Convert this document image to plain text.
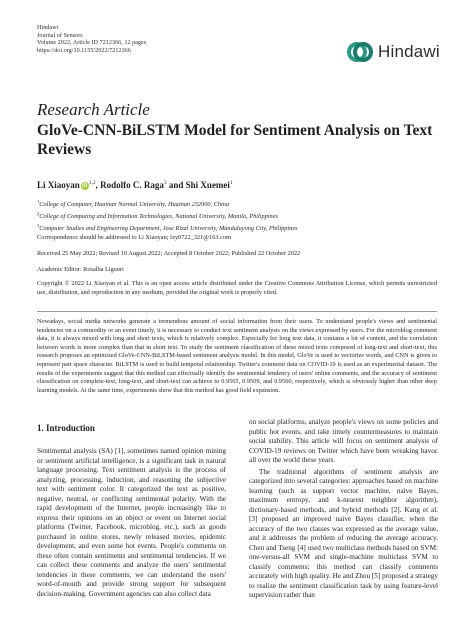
Hindawi
Journal of Sensors
Volume 2022, Article ID 7212366, 12 pages
https://doi.org/10.1155/2022/7212366	Hindawi
Research Article
GloVe-CNN-BiLSTM Model for Sentiment Analysis on Text Reviews
Li Xiaoyan iD $^{1,2}$, Rodolfo C. Raga$^3$ and Shi Xuemei$^1$
$^1$College of Computer, Huainan Normal University, Huainan 232000, China
$^2$College of Computing and Information Technologies, National University, Manila, Philippines
$^3$Computer Studies and Engineering Department, Jose Rizal University, Mandaluyong City, Philippines
Correspondence should be addressed to Li Xiaoyan; lxy0722_321@163.com
Received 25 May 2022; Revised 10 August 2022; Accepted 8 October 2022; Published 22 October 2022
Academic Editor: Rosalba Liguori
Copyright © 2022 Li Xiaoyan et al. This is an open access article distributed under the Creative Commons Attribution License, which permits unrestricted use, distribution, and reproduction in any medium, provided the original work is properly cited.
Nowadays, social media networks generate a tremendous amount of social information from their users. To understand people's views and sentimental tendencies on a commodity or an event timely, it is necessary to conduct text sentiment analysis on the views expressed by users. For the microblog comment data, it is always mixed with long and short texts, which is relatively complex. Especially for long text data, it contains a lot of content, and the correlation between words is more complex than that in short text. To study the sentiment classification of these mixed texts composed of long-text and short-text, this research proposes an optimized GloVe-CNN-BiLSTM-based sentiment analysis model. In this model, GloVe is used to vectorize words, and CNN is given to represent part space character. BiLSTM is used to build temporal relationship. Twitter's comment data on COVID-19 is used as an experimental dataset. The results of the experiments suggest that this method can effectually identify the sentimental tendency of users' online comments, and the accuracy of sentiment classification on complete-text, long-text, and short-text can achieve to 0.9565, 0.9509, and 0.9560, respectively, which is obviously higher than other deep learning models. At the same time, experiments show that this method has good field expansion.
1. Introduction

Sentimental analysis (SA) [1], sometimes named opinion mining or sentiment artificial intelligence, is a significant task in natural language processing. Text sentiment analysis is the process of analyzing, processing, induction, and reasoning the subjective text with sentiment color. It categorized the text as positive, negative, neutral, or conflicting sentimental polarity. With the rapid development of the Internet, people increasingly like to express their opinions on an object or event on Internet social platforms (Twitter, Facebook, microblog, etc.), such as goods purchased in online stores, newly released movies, epidemic development, and even some hot events. People's comments on these often contain sentiments and sentimental tendencies. If we can collect these comments and analyze the users' sentimental tendencies in these comments, we can understand the users' word-of-mouth and provide strong support for subsequent decision-making. Government agencies can also collect data

on social platforms, analyze people's views on some policies and public hot events, and take timely countermeasures to maintain social stability. This article will focus on sentiment analysis of COVID-19 reviews on Twitter which have been wreaking havoc all over the world these years.

The traditional algorithms of sentiment analysis are categorized into several categories: approaches based on machine learning (such as support vector machine, naive Bayes, maximum entropy, and k-nearest neighbor algorithm), dictionary-based methods, and hybrid methods [2]. Kang et al. [3] proposed an improved naive Bayes classifier, when the accuracy of the two classes was expressed as the average value, and it addresses the problem of reducing the average accuracy. Chen and Tseng [4] used two multiclass methods based on SVM: one-versus-all SVM and single-machine multiclass SVM to classify comments; this method can classify comments accurately with high quality. He and Zhou [5] proposed a strategy to realize the sentiment classification task by using feature-level supervision rather than
